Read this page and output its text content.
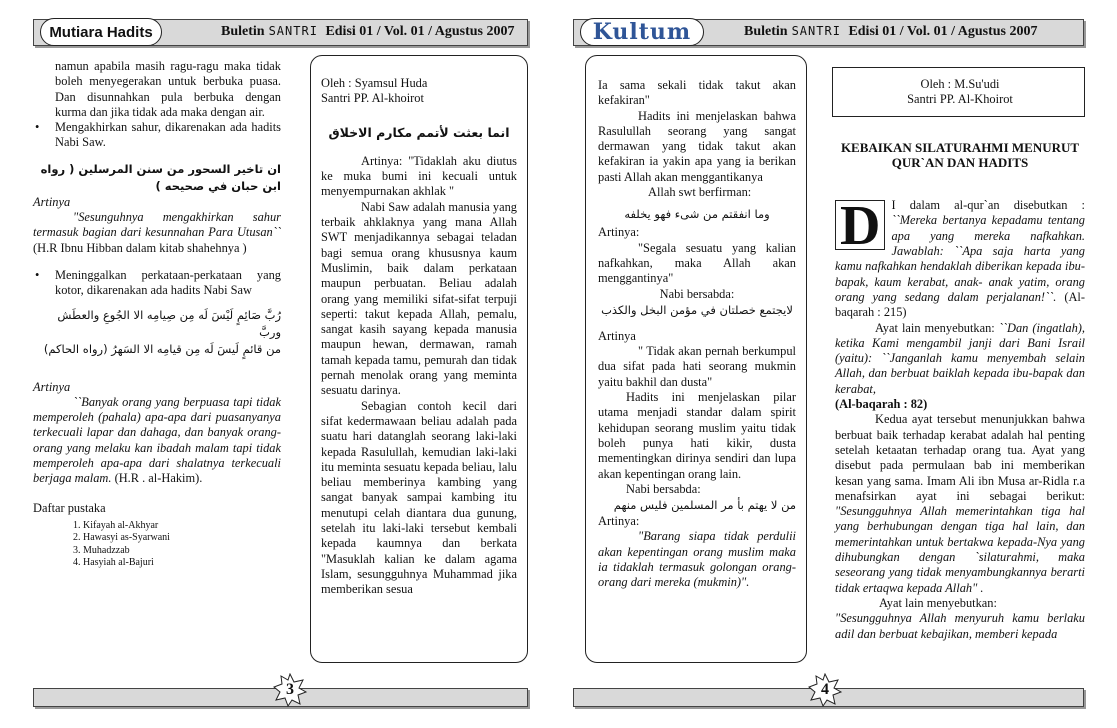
Mutiara Hadits	Buletin SANTRI Edisi 01 / Vol. 01 / Agustus 2007	Kultum	Buletin SANTRI Edisi 01 / Vol. 01 / Agustus 2007

namun apabila masih ragu-ragu maka tidak boleh menyegerakan untuk berbuka puasa. Dan disunnahkan pula berbuka dengan kurma dan jika tidak ada maka dengan air.

• Mengakhirkan sahur, dikarenakan ada hadits Nabi Saw.

ان تاخير السحور من سنن المرسلين ( رواه ابن حبان في صحيحه )

Artinya

"Sesunguhnya mengakhirkan sahur termasuk bagian dari kesunnahan Para Utusan`` (H.R Ibnu Hibban dalam kitab shahehnya )

• Meninggalkan perkataan-perkataan yang kotor, dikarenakan ada hadits Nabi Saw

رُبَّ صَائِمٍ لَيْسَ لَه مِن صِيامِه الا الجُوعِ والعطَش وربَّ

من قائمٍ لَيسَ لَه مِن قيامِه الا السَهرُ (رواه الحاكم)

Artinya

``Banyak orang yang berpuasa tapi tidak memperoleh (pahala) apa-apa dari puasanyanya terkecuali lapar dan dahaga, dan banyak orang- orang yang melaku kan ibadah malam tapi tidak memperoleh apa-apa dari shalatnya terkecuali berjaga malam. (H.R . al-Hakim).

Daftar pustaka

1. Kifayah al-Akhyar
2. Hawasyi as-Syarwani
3. Muhadzzab
4. Hasyiah al-Bajuri

Oleh : Syamsul Huda

Santri PP. Al-khoirot

انما بعثت لأتمم مكارم الاخلاق

Artinya: "Tidaklah aku diutus ke muka bumi ini kecuali untuk menyempurnakan akhlak "

Nabi Saw adalah manusia yang terbaik ahklaknya yang mana Allah SWT menjadikannya sebagai teladan bagi semua orang khususnya kaum Muslimin, baik dalam perkataan maupun perbuatan. Beliau adalah orang yang memiliki sifat-sifat terpuji seperti: takut kepada Allah, pemalu, sangat kasih sayang kepada manusia maupun hewan, dermawan, ramah tamah kepada tamu, pemurah dan tidak pernah menolak orang yang meminta sesuatu darinya.

Sebagian contoh kecil dari sifat kedermawaan beliau adalah pada suatu hari datanglah seorang laki-laki kepada Rasulullah, kemudian laki-laki itu meminta sesuatu kepada beliau, lalu beliau memberinya kambing yang sangat banyak sampai kambing itu menutupi celah diantara dua gunung, setelah itu laki-laki tersebut kembali kepada kaumnya dan berkata "Masuklah kalian ke dalam agama Islam, sesungguhnya Muhammad jika memberikan sesua

Ia sama sekali tidak takut akan kefakiran"

Hadits ini menjelaskan bahwa Rasulullah seorang yang sangat dermawan yang tidak takut akan kefakiran ia yakin apa yang ia berikan pasti Allah akan menggantikanya

Allah swt berfirman:

وما انفقتم من شىء فهو يخلفه

Artinya:

"Segala sesuatu yang kalian nafkahkan, maka Allah akan menggantinya"

Nabi bersabda:

لايجتمع خصلتان في مؤمن البخل والكذب

Artinya

" Tidak akan pernah berkumpul dua sifat pada hati seorang mukmin yaitu bakhil dan dusta"

Hadits ini menjelaskan pilar utama menjadi standar dalam spirit kehidupan seorang muslim yaitu tidak boleh punya hati kikir, dusta mementingkan dirinya sendiri dan lupa akan kepentingan orang lain.

Nabi bersabda:

من لا يهتم بأ مر المسلمين فليس منهم

Artinya:

"Barang siapa tidak perdulii akan kepentingan orang muslim maka ia tidaklah termasuk golongan orang-orang dari mereka (mukmin)".

Oleh : M.Su'udi

Santri PP. Al-Khoirot

KEBAIKAN SILATURAHMI MENURUT QUR`AN DAN HADITS

D I dalam al-qur`an disebutkan : ``Mereka bertanya kepadamu tentang apa yang mereka nafkahkan. Jawablah: ``Apa saja harta yang kamu nafkahkan hendaklah diberikan kepada ibu-bapak, kaum kerabat, anak- anak yatim, orang orang yang sedang dalam perjalanan!``. (Al-baqarah : 215)

Ayat lain menyebutkan: ``Dan (ingatlah), ketika Kami mengambil janji dari Bani Israil (yaitu): ``Janganlah kamu menyembah selain Allah, dan berbuat baiklah kepada ibu-bapak dan kerabat,

(Al-baqarah : 82)

Kedua ayat tersebut menunjukkan bahwa berbuat baik terhadap kerabat adalah hal penting setelah ketaatan terhadap orang tua. Ayat yang disebut pada permulaan bab ini memberikan kesan yang sama. Imam Ali ibn Musa ar-Ridla r.a menafsirkan ayat ini sebagai berikut: "Sesungguhnya Allah memerintahkan tiga hal yang berhubungan dengan tiga hal lain, dan memerintahkan untuk bertakwa kepada-Nya yang dihubungkan dengan `silaturahmi, maka seseorang yang tidak menyambungkannya berarti tidak ertaqwa kepada Allah" .

Ayat lain menyebutkan:

"Sesungguhnya Allah menyuruh kamu berlaku adil dan berbuat kebajikan, memberi kepada

3	4
